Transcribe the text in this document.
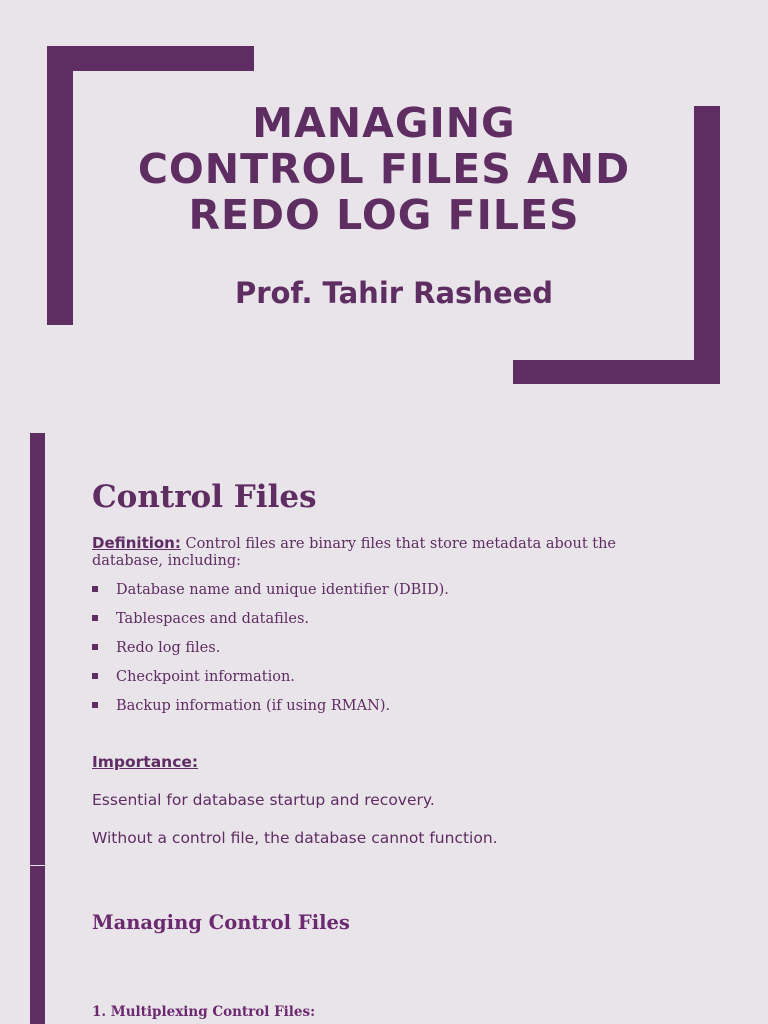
MANAGING
CONTROL FILES AND
REDO LOG FILES

Prof. Tahir Rasheed

Control Files

Definition: Control files are binary files that store metadata about the database, including:

Database name and unique identifier (DBID).
Tablespaces and datafiles.
Redo log files.
Checkpoint information.
Backup information (if using RMAN).

Importance:

Essential for database startup and recovery.

Without a control file, the database cannot function.

Managing Control Files
1. Multiplexing Control Files:
